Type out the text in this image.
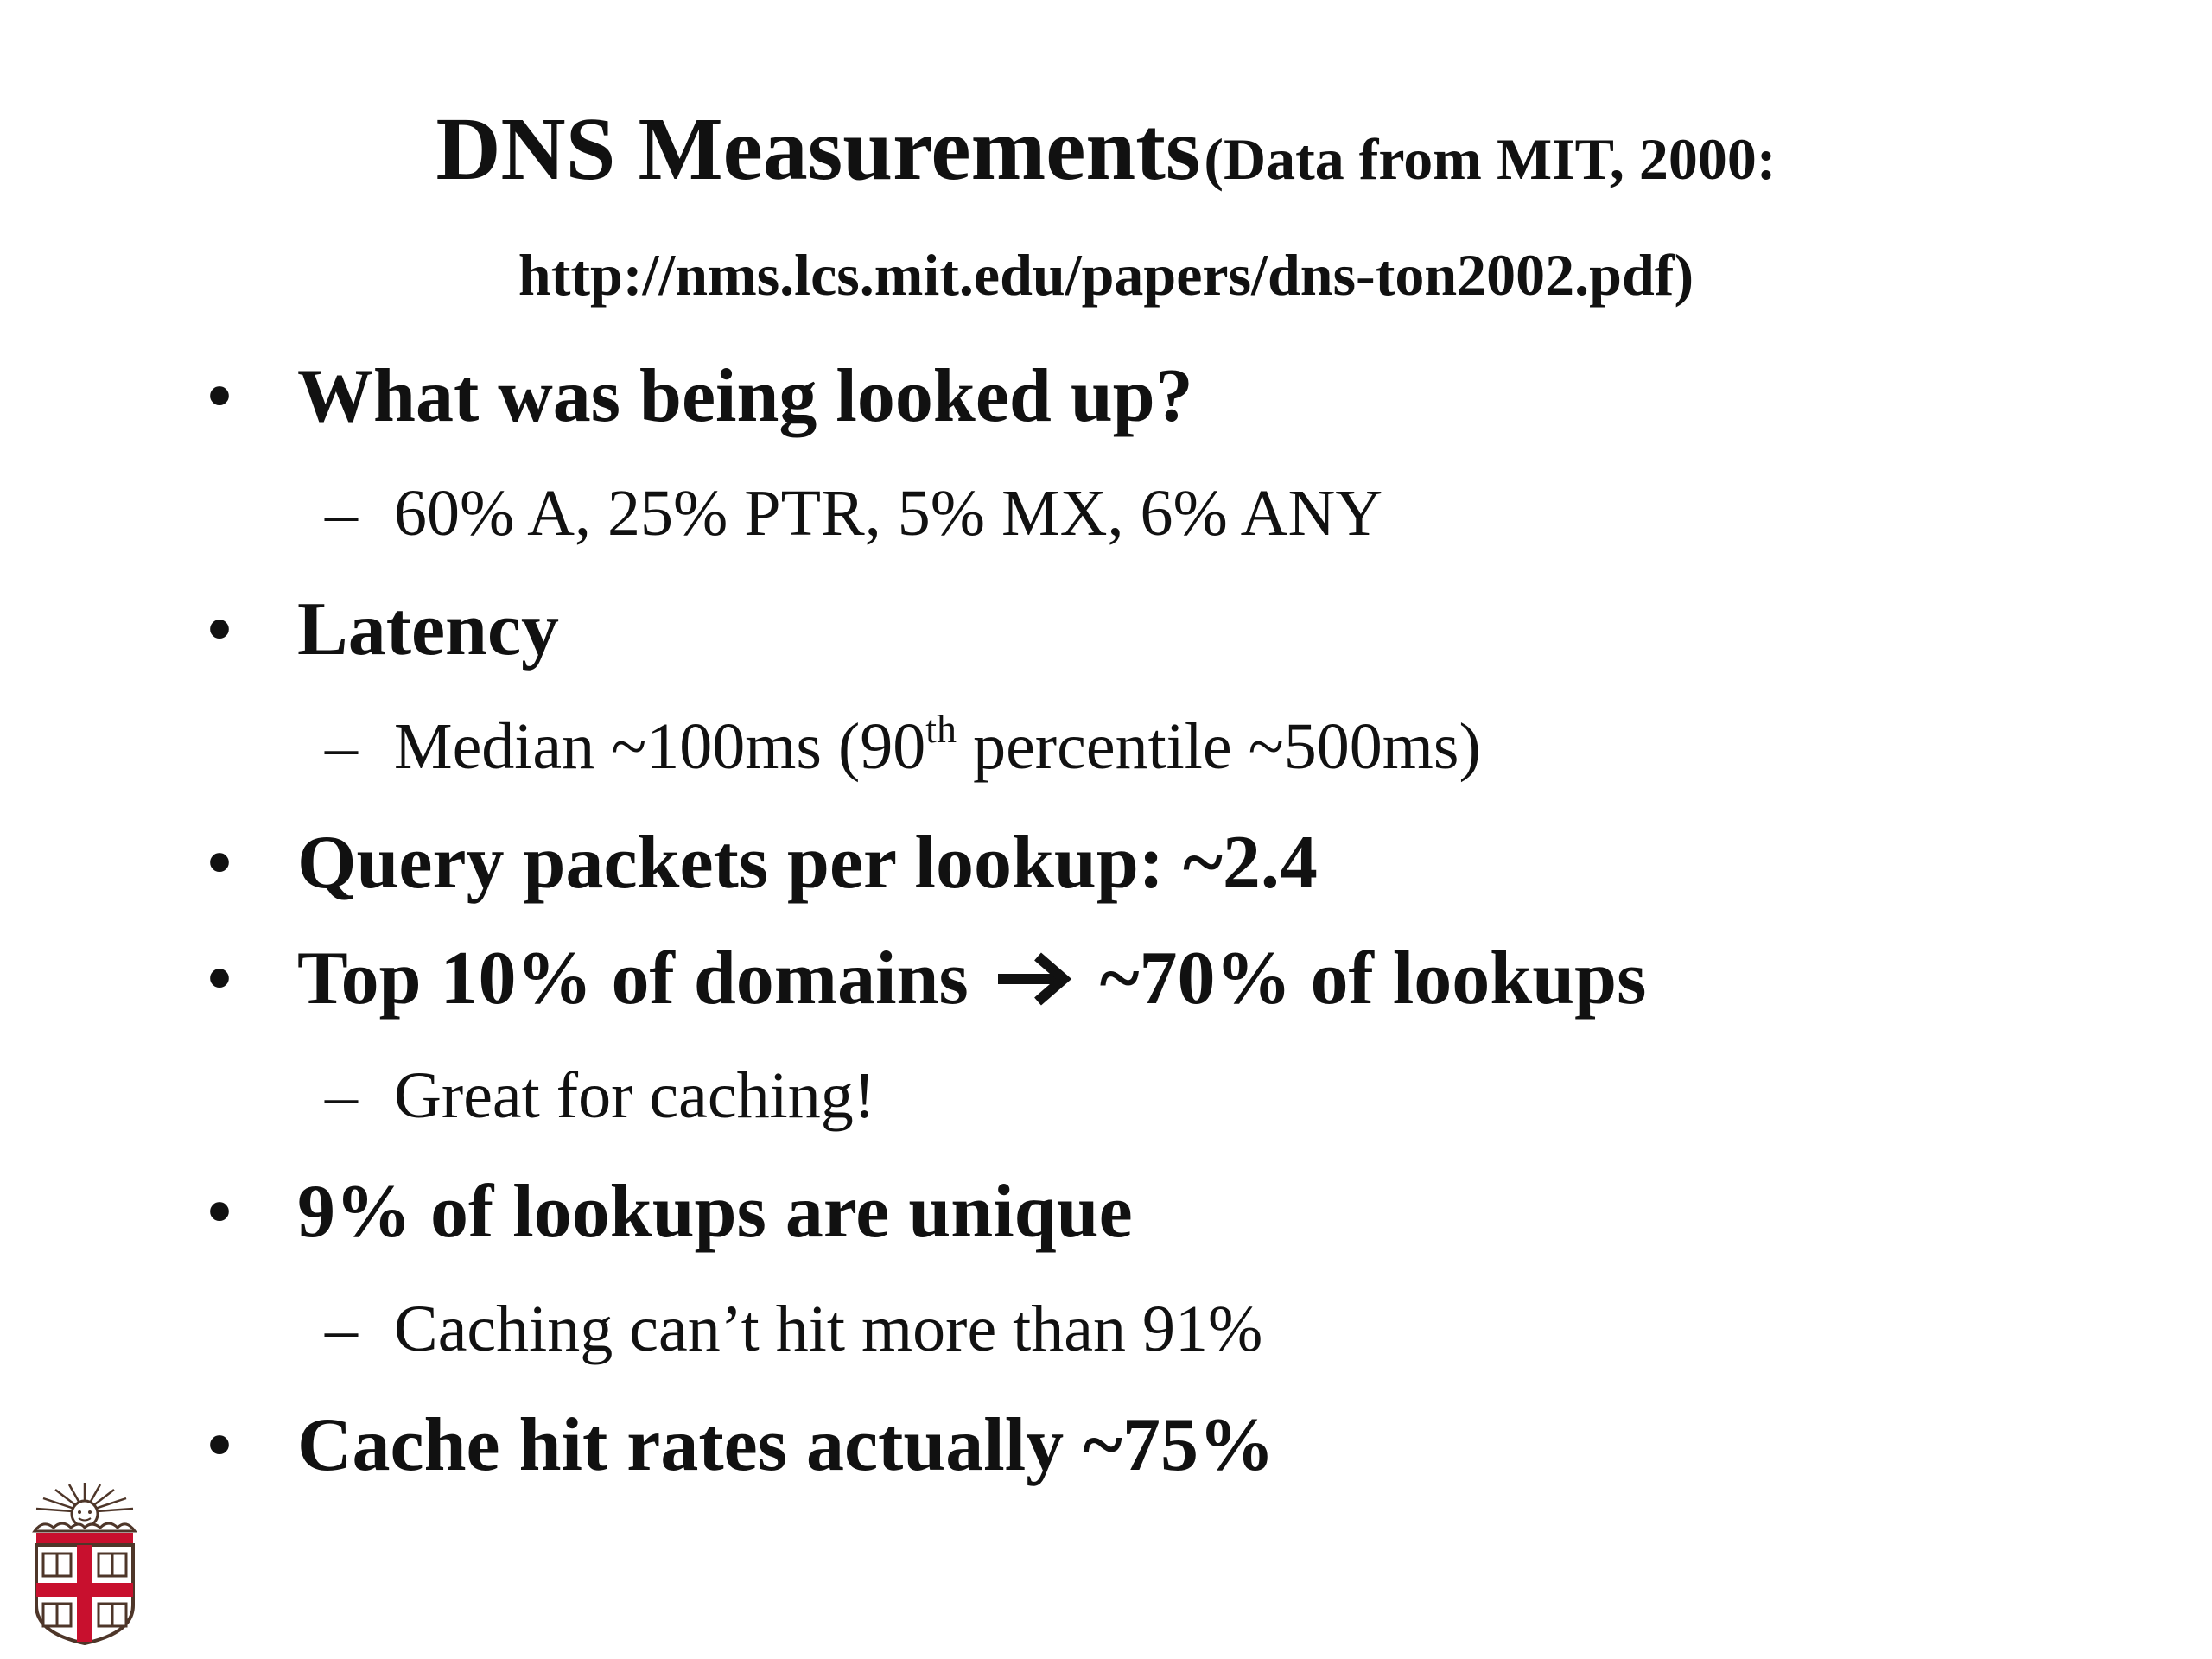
DNS Measurements (Data from MIT, 2000:
http://nms.lcs.mit.edu/papers/dns-ton2002.pdf)
• What was being looked up?
– 60% A, 25% PTR, 5% MX, 6% ANY
• Latency
– Median ~100ms (90th percentile ~500ms)
• Query packets per lookup: ~2.4
• Top 10% of domains ~70% of lookups
– Great for caching!
• 9% of lookups are unique
– Caching can’t hit more than 91%
• Cache hit rates actually ~75%
